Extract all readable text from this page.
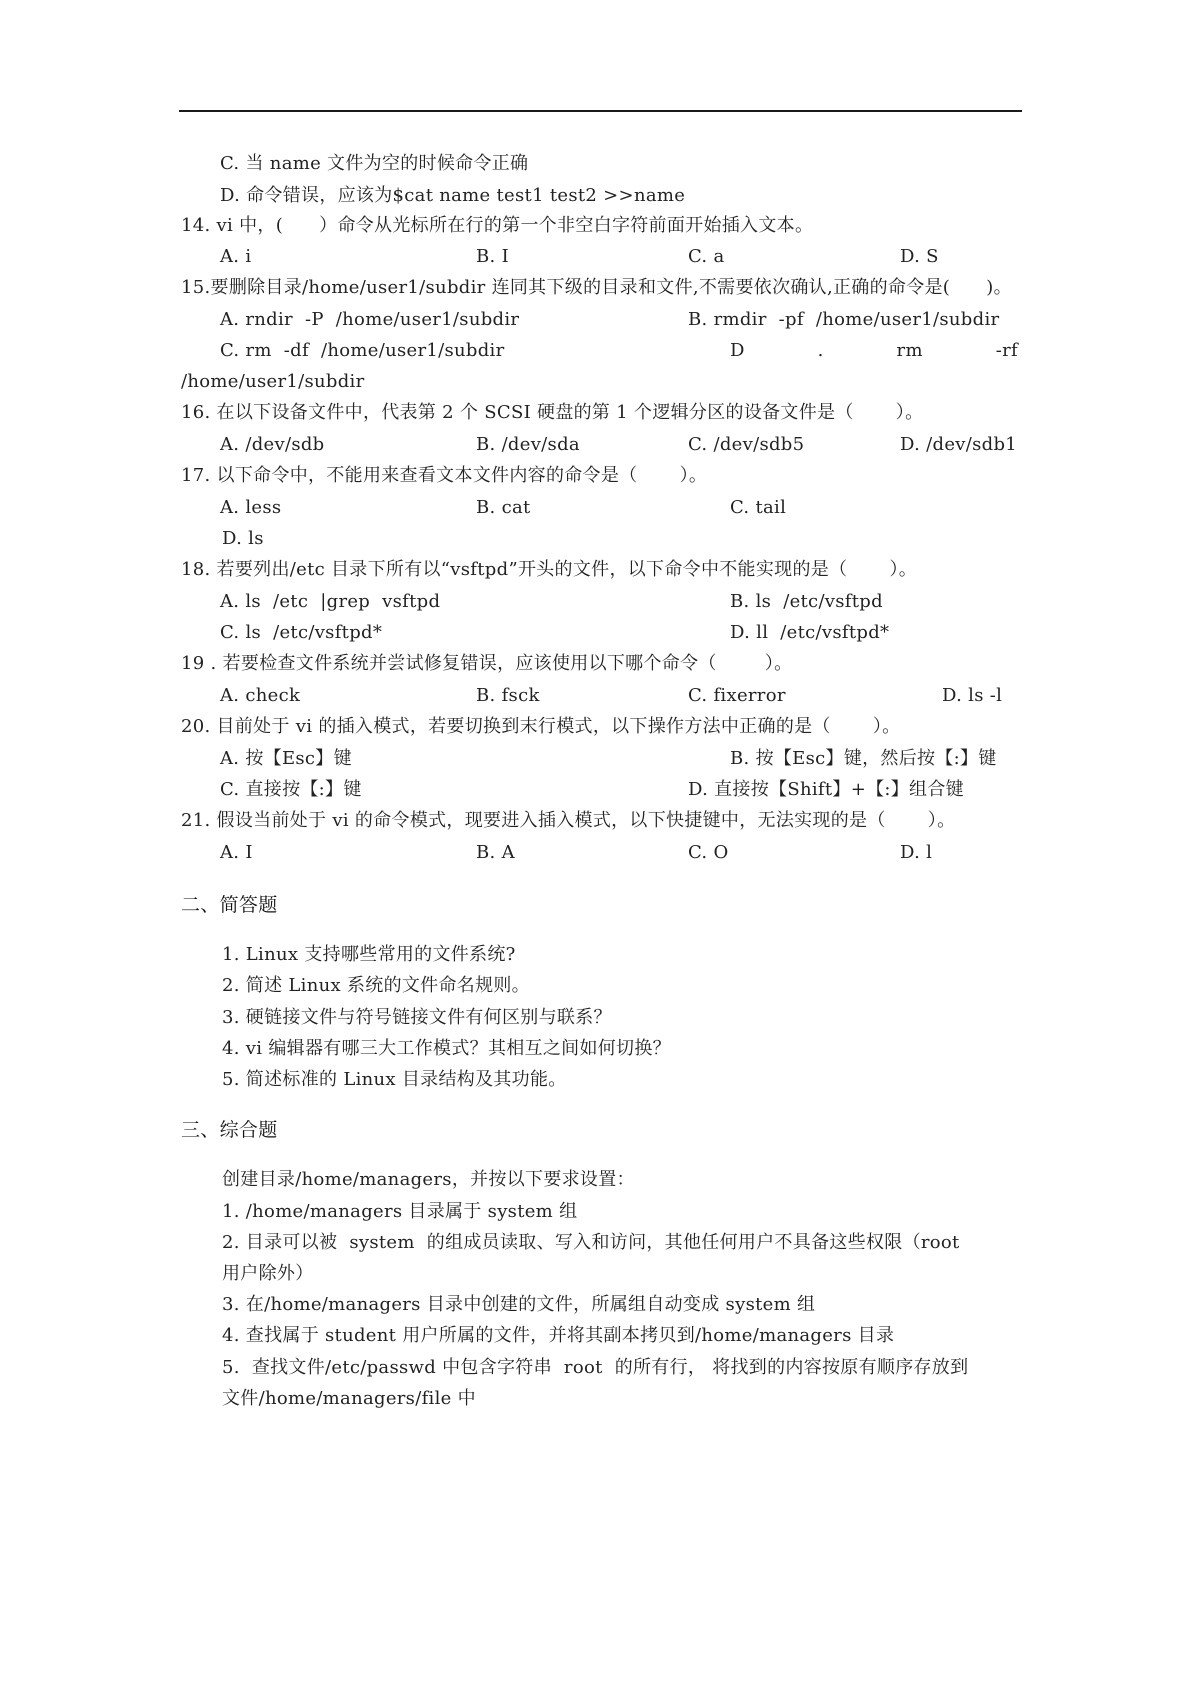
C. 当 name 文件为空的时候命令正确
D. 命令错误，应该为$cat name test1 test2 >>name
14. vi 中，(      ）命令从光标所在行的第一个非空白字符前面开始插入文本。
A. i	B. I	C. a	D. S
15.要删除目录/home/user1/subdir 连同其下级的目录和文件,不需要依次确认,正确的命令是(      )。
A. rndir  -P  /home/user1/subdir	B. rmdir  -pf  /home/user1/subdir
C. rm  -df  /home/user1/subdir	D	.	rm	-rf
/home/user1/subdir
16. 在以下设备文件中，代表第 2 个 SCSI 硬盘的第 1 个逻辑分区的设备文件是（       ）。
A. /dev/sdb	B. /dev/sda	C. /dev/sdb5	D. /dev/sdb1
17. 以下命令中，不能用来查看文本文件内容的命令是（       ）。
A. less	B. cat	C. tail
D. ls
18. 若要列出/etc 目录下所有以“vsftpd”开头的文件，以下命令中不能实现的是（       ）。
A. ls  /etc  |grep  vsftpd	B. ls  /etc/vsftpd
C. ls  /etc/vsftpd*	D. ll  /etc/vsftpd*
19 . 若要检查文件系统并尝试修复错误，应该使用以下哪个命令（        ）。
A. check	B. fsck	C. fixerror	D. ls -l
20. 目前处于 vi 的插入模式，若要切换到末行模式，以下操作方法中正确的是（       ）。
A. 按【Esc】键	B. 按【Esc】键，然后按【:】键
C. 直接按【:】键	D. 直接按【Shift】+【:】组合键
21. 假设当前处于 vi 的命令模式，现要进入插入模式，以下快捷键中，无法实现的是（       ）。
A. I	B. A	C. O	D. l
二、简答题
1. Linux 支持哪些常用的文件系统?
2. 简述 Linux 系统的文件命名规则。
3. 硬链接文件与符号链接文件有何区别与联系？
4. vi 编辑器有哪三大工作模式？其相互之间如何切换？
5. 简述标准的 Linux 目录结构及其功能。
三、综合题
创建目录/home/managers，并按以下要求设置：
1. /home/managers 目录属于 system 组
2. 目录可以被  system  的组成员读取、写入和访问，其他任何用户不具备这些权限（root
用户除外）
3. 在/home/managers 目录中创建的文件，所属组自动变成 system 组
4. 查找属于 student 用户所属的文件，并将其副本拷贝到/home/managers 目录
5.  查找文件/etc/passwd 中包含字符串  root  的所有行， 将找到的内容按原有顺序存放到
文件/home/managers/file 中
